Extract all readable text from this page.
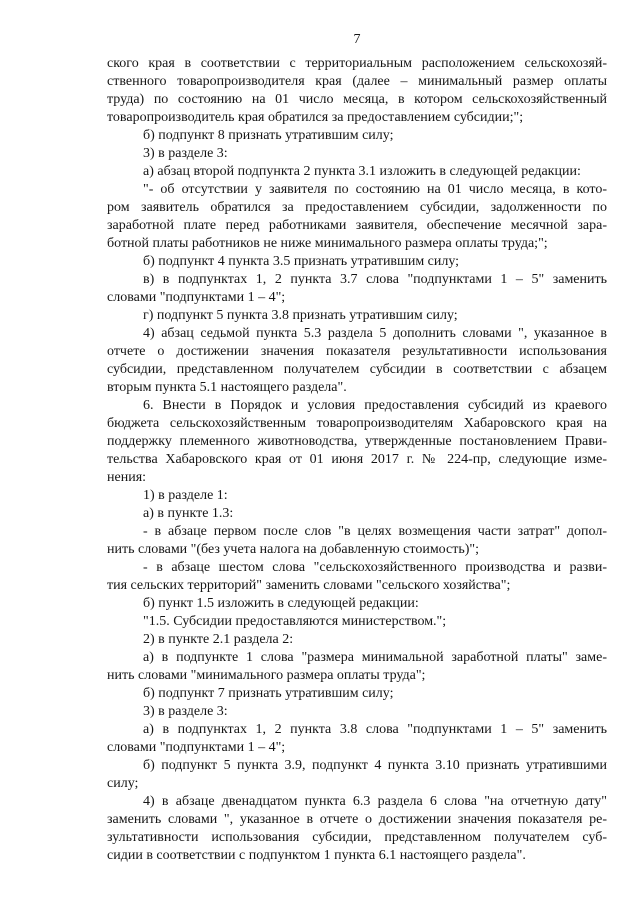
7
ского края в соответствии с территориальным расположением сельскохозяй-
ственного товаропроизводителя края (далее – минимальный размер оплаты
труда) по состоянию на 01 число месяца, в котором сельскохозяйственный
товаропроизводитель края обратился за предоставлением субсидии;";
б) подпункт 8 признать утратившим силу;
3) в разделе 3:
а) абзац второй подпункта 2 пункта 3.1 изложить в следующей редакции:
"- об отсутствии у заявителя по состоянию на 01 число месяца, в кото-
ром заявитель обратился за предоставлением субсидии, задолженности по
заработной плате перед работниками заявителя, обеспечение месячной зара-
ботной платы работников не ниже минимального размера оплаты труда;";
б) подпункт 4 пункта 3.5 признать утратившим силу;
в) в подпунктах 1, 2 пункта 3.7 слова "подпунктами 1 – 5" заменить
словами "подпунктами 1 – 4";
г) подпункт 5 пункта 3.8 признать утратившим силу;
4) абзац седьмой пункта 5.3 раздела 5 дополнить словами ", указанное в
отчете о достижении значения показателя результативности использования
субсидии, представленном получателем субсидии в соответствии с абзацем
вторым пункта 5.1 настоящего раздела".
6. Внести в Порядок и условия предоставления субсидий из краевого
бюджета сельскохозяйственным товаропроизводителям Хабаровского края на
поддержку племенного животноводства, утвержденные постановлением Прави-
тельства Хабаровского края от 01 июня 2017 г. № 224-пр, следующие изме-
нения:
1) в разделе 1:
а) в пункте 1.3:
- в абзаце первом после слов "в целях возмещения части затрат" допол-
нить словами "(без учета налога на добавленную стоимость)";
- в абзаце шестом слова "сельскохозяйственного производства и разви-
тия сельских территорий" заменить словами "сельского хозяйства";
б) пункт 1.5 изложить в следующей редакции:
"1.5. Субсидии предоставляются министерством.";
2) в пункте 2.1 раздела 2:
а) в подпункте 1 слова "размера минимальной заработной платы" заме-
нить словами "минимального размера оплаты труда";
б) подпункт 7 признать утратившим силу;
3) в разделе 3:
а) в подпунктах 1, 2 пункта 3.8 слова "подпунктами 1 – 5" заменить
словами "подпунктами 1 – 4";
б) подпункт 5 пункта 3.9, подпункт 4 пункта 3.10 признать утратившими
силу;
4) в абзаце двенадцатом пункта 6.3 раздела 6 слова "на отчетную дату"
заменить словами ", указанное в отчете о достижении значения показателя ре-
зультативности использования субсидии, представленном получателем суб-
сидии в соответствии с подпунктом 1 пункта 6.1 настоящего раздела".
